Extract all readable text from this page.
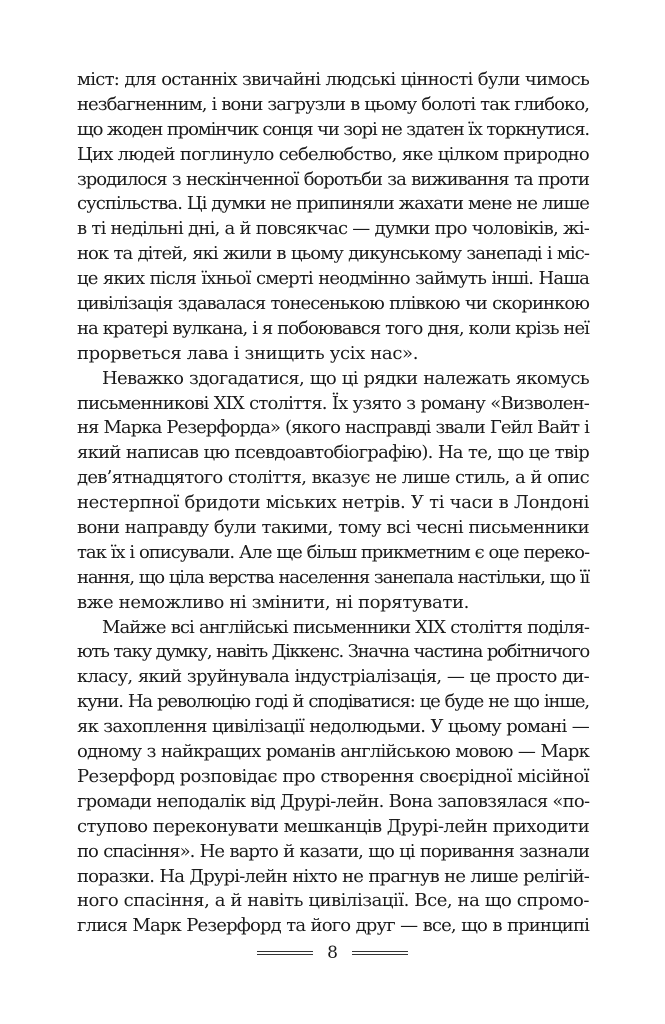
міст: для останніх звичайні людські цінності були чимось
незбагненним, і вони загрузли в цьому болоті так глибоко,
що жоден промінчик сонця чи зорі не здатен їх торкнутися.
Цих людей поглинуло себелюбство, яке цілком природно
зродилося з нескінченної боротьби за виживання та проти
суспільства. Ці думки не припиняли жахати мене не лише
в ті недільні дні, а й повсякчас — думки про чоловіків, жі-
нок та дітей, які жили в цьому дикунському занепаді і міс-
це яких після їхньої смерті неодмінно займуть інші. Наша
цивілізація здавалася тонесенькою плівкою чи скоринкою
на кратері вулкана, і я побоювався того дня, коли крізь неї
прорветься лава і знищить усіх нас».
Неважко здогадатися, що ці рядки належать якомусь
письменникові XIX століття. Їх узято з роману «Визволен-
ня Марка Резерфорда» (якого насправді звали Гейл Вайт і
який написав цю псевдоавтобіографію). На те, що це твір
дев’ятнадцятого століття, вказує не лише стиль, а й опис
нестерпної бридоти міських нетрів. У ті часи в Лондоні
вони направду були такими, тому всі чесні письменники
так їх і описували. Але ще більш прикметним є оце переко-
нання, що ціла верства населення занепала настільки, що її
вже неможливо ні змінити, ні порятувати.
Майже всі англійські письменники XIX століття поділя-
ють таку думку, навіть Діккенс. Значна частина робітничого
класу, який зруйнувала індустріалізація, — це просто ди-
куни. На революцію годі й сподіватися: це буде не що інше,
як захоплення цивілізації недолюдьми. У цьому романі —
одному з найкращих романів англійською мовою — Марк
Резерфорд розповідає про створення своєрідної місійної
громади неподалік від Друрі-лейн. Вона заповзялася «по-
ступово переконувати мешканців Друрі-лейн приходити
по спасіння». Не варто й казати, що ці поривання зазнали
поразки. На Друрі-лейн ніхто не прагнув не лише релігій-
ного спасіння, а й навіть цивілізації. Все, на що спромо-
глися Марк Резерфорд та його друг — все, що в принципі
8
